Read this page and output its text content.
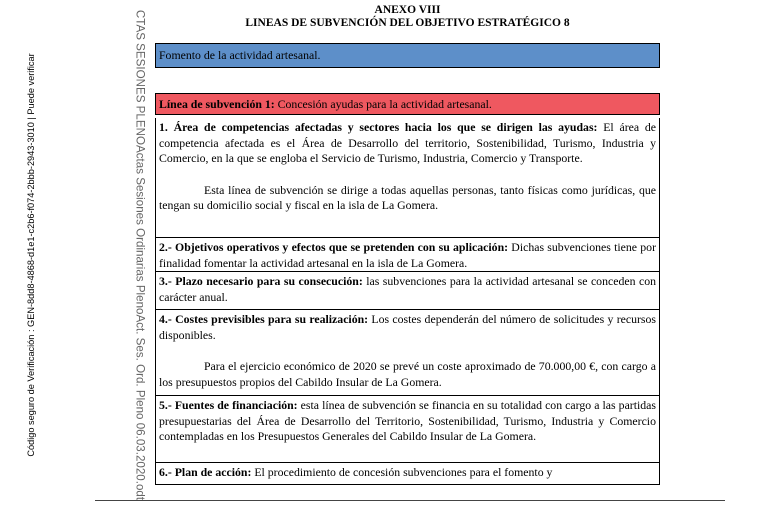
Código seguro de Verificación : GEN-8dd8-4868-d1e1-c2b6-f074-2bbb-2943-3010 | Puede verificar	CTAS SESIONES PLENOActas Sesiones Ordinarias PlenoAct. Ses. Ord. Pleno 06.03.2020.odt	ANEXO VIII
LINEAS DE SUBVENCIÓN DEL OBJETIVO ESTRATÉGICO 8
Fomento de la actividad artesanal.
Línea de subvención 1: Concesión ayudas para la actividad artesanal.

1. Área de competencias afectadas y sectores hacia los que se dirigen las ayudas: El área de competencia afectada es el Área de Desarrollo del territorio, Sostenibilidad, Turismo, Industria y Comercio, en la que se engloba el Servicio de Turismo, Industria, Comercio y Transporte.

Esta línea de subvención se dirige a todas aquellas personas, tanto físicas como jurídicas, que tengan su domicilio social y fiscal en la isla de La Gomera.

2.- Objetivos operativos y efectos que se pretenden con su aplicación: Dichas subvenciones tiene por finalidad fomentar la actividad artesanal en la isla de La Gomera.

3.- Plazo necesario para su consecución: las subvenciones para la actividad artesanal se conceden con carácter anual.

4.- Costes previsibles para su realización: Los costes dependerán del número de solicitudes y recursos disponibles.

Para el ejercicio económico de 2020 se prevé un coste aproximado de 70.000,00 €, con cargo a los presupuestos propios del Cabildo Insular de La Gomera.

5.- Fuentes de financiación: esta línea de subvención se financia en su totalidad con cargo a las partidas presupuestarias del Área de Desarrollo del Territorio, Sostenibilidad, Turismo, Industria y Comercio contempladas en los Presupuestos Generales del Cabildo Insular de La Gomera.

6.- Plan de acción: El procedimiento de concesión subvenciones para el fomento y
